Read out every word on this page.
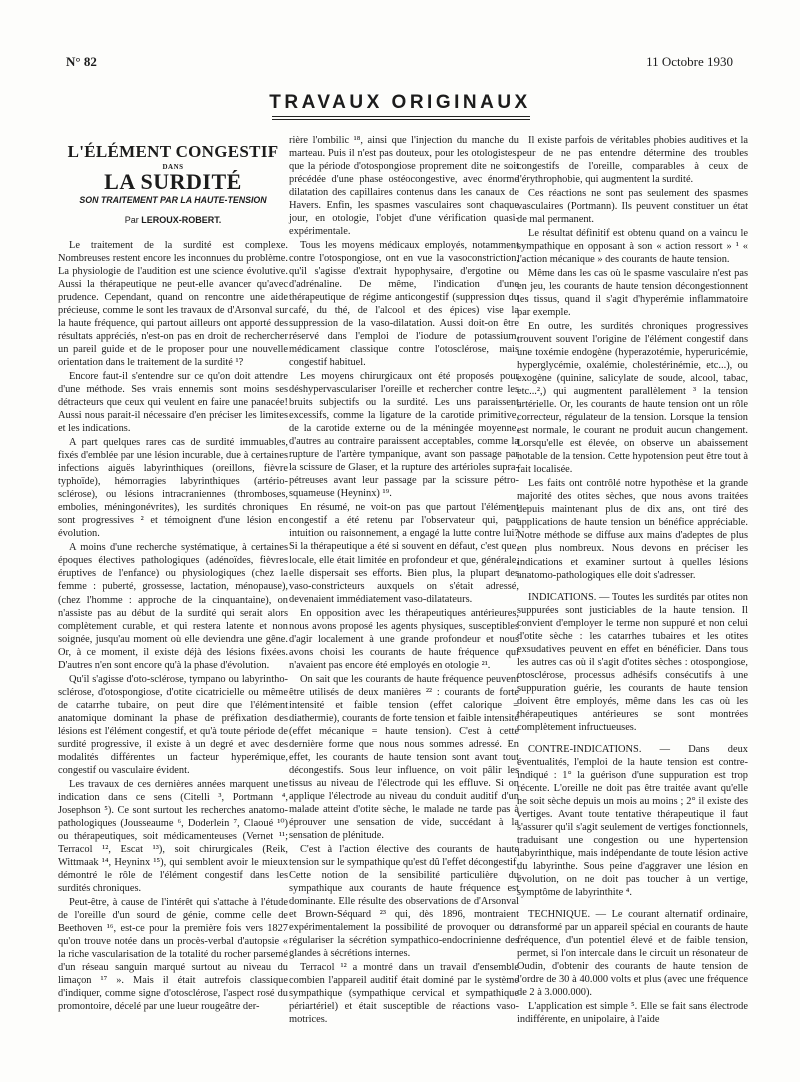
N° 82	11 Octobre 1930
TRAVAUX ORIGINAUX
L'ÉLÉMENT CONGESTIF
DANS
LA SURDITÉ
SON TRAITEMENT PAR LA HAUTE-TENSION
Par LEROUX-ROBERT.

Le traitement de la surdité est complexe. Nombreuses restent encore les inconnues du problème. La physiologie de l'audition est une science évolutive. Aussi la thérapeutique ne peut-elle avancer qu'avec prudence. Cependant, quand on rencontre une aide précieuse, comme le sont les travaux de d'Arsonval sur la haute fréquence, qui partout ailleurs ont apporté des résultats appréciés, n'est-on pas en droit de rechercher un pareil guide et de le proposer pour une nouvelle orientation dans le traitement de la surdité ¹?

Encore faut-il s'entendre sur ce qu'on doit attendre d'une méthode. Ses vrais ennemis sont moins ses détracteurs que ceux qui veulent en faire une panacée! Aussi nous parait-il nécessaire d'en préciser les limites et les indications.

A part quelques rares cas de surdité immuables, fixés d'emblée par une lésion incurable, due à certaines infections aiguës labyrinthiques (oreillons, fièvre typhoïde), hémorragies labyrinthiques (artério-sclérose), ou lésions intracraniennes (thromboses, embolies, méningonévrites), les surdités chroniques sont progressives ² et témoignent d'une lésion en évolution.

A moins d'une recherche systématique, à certaines époques électives pathologiques (adénoïdes, fièvres éruptives de l'enfance) ou physiologiques (chez la femme : puberté, grossesse, lactation, ménopause), (chez l'homme : approche de la cinquantaine), on n'assiste pas au début de la surdité qui serait alors complètement curable, et qui restera latente et non soignée, jusqu'au moment où elle deviendra une gêne. Or, à ce moment, il existe déjà des lésions fixées. D'autres n'en sont encore qu'à la phase d'évolution.

Qu'il s'agisse d'oto-sclérose, tympano ou labyrintho-sclérose, d'otospongiose, d'otite cicatricielle ou même de catarrhe tubaire, on peut dire que l'élément anatomique dominant la phase de préfixation des lésions est l'élément congestif, et qu'à toute période de surdité progressive, il existe à un degré et avec des modalités différentes un facteur hyperémique, congestif ou vasculaire évident.

Les travaux de ces dernières années marquent une indication dans ce sens (Citelli ³, Portmann ⁴, Josephson ⁵). Ce sont surtout les recherches anatomo-pathologiques (Jousseaume ⁶, Doderlein ⁷, Claoué ¹⁰) ou thérapeutiques, soit médicamenteuses (Vernet ¹¹; Terracol ¹², Escat ¹³), soit chirurgicales (Reik, Wittmaak ¹⁴, Heyninx ¹⁵), qui semblent avoir le mieux démontré le rôle de l'élément congestif dans les surdités chroniques.

Peut-être, à cause de l'intérêt qui s'attache à l'étude de l'oreille d'un sourd de génie, comme celle de Beethoven ¹⁶, est-ce pour la première fois vers 1827 qu'on trouve notée dans un procès-verbal d'autopsie « la riche vascularisation de la totalité du rocher parsemé d'un réseau sanguin marqué surtout au niveau du limaçon ¹⁷ ». Mais il était autrefois classique d'indiquer, comme signe d'otosclérose, l'aspect rosé du promontoire, décelé par une lueur rougeâtre der-

rière l'ombilic ¹⁸, ainsi que l'injection du manche du marteau. Puis il n'est pas douteux, pour les otologistes, que la période d'otospongiose proprement dite ne soit précédée d'une phase ostéocongestive, avec énorme dilatation des capillaires contenus dans les canaux de Havers. Enfin, les spasmes vasculaires sont chaque jour, en otologie, l'objet d'une vérification quasi-expérimentale.

Tous les moyens médicaux employés, notamment contre l'otospongiose, ont en vue la vasoconstriction, qu'il s'agisse d'extrait hypophysaire, d'ergotine ou d'adrénaline. De même, l'indication d'une thérapeutique de régime anticongestif (suppression du café, du thé, de l'alcool et des épices) vise la suppression de la vaso-dilatation. Aussi doit-on être réservé dans l'emploi de l'iodure de potassium, médicament classique contre l'otosclérose, mais congestif habituel.

Les moyens chirurgicaux ont été proposés pour déshypervasculariser l'oreille et rechercher contre les bruits subjectifs ou la surdité. Les uns paraissent excessifs, comme la ligature de la carotide primitive, de la carotide externe ou de la méningée moyenne, d'autres au contraire paraissent acceptables, comme la rupture de l'artère tympanique, avant son passage par la scissure de Glaser, et la rupture des artérioles supra-pétreuses avant leur passage par la scissure pétro-squameuse (Heyninx) ¹⁹.

En résumé, ne voit-on pas que partout l'élément congestif a été retenu par l'observateur qui, par intuition ou raisonnement, a engagé la lutte contre lui? Si la thérapeutique a été si souvent en défaut, c'est que, locale, elle était limitée en profondeur et que, générale, elle dispersait ses efforts. Bien plus, la plupart des vaso-constricteurs auxquels on s'était adressé, devenaient immédiatement vaso-dilatateurs.

En opposition avec les thérapeutiques antérieures, nous avons proposé les agents physiques, susceptibles d'agir localement à une grande profondeur et nous avons choisi les courants de haute fréquence qui n'avaient pas encore été employés en otologie ²¹.

On sait que les courants de haute fréquence peuvent être utilisés de deux manières ²² : courants de forte intensité et faible tension (effet calorique = diathermie), courants de forte tension et faible intensité (effet mécanique = haute tension). C'est à cette dernière forme que nous nous sommes adressé. En effet, les courants de haute tension sont avant tout décongestifs. Sous leur influence, on voit pâlir les tissus au niveau de l'électrode qui les effluve. Si on applique l'électrode au niveau du conduit auditif d'un malade atteint d'otite sèche, le malade ne tarde pas à éprouver une sensation de vide, succédant à la sensation de plénitude.

C'est à l'action élective des courants de haute tension sur le sympathique qu'est dû l'effet décongestif. Cette notion de la sensibilité particulière du sympathique aux courants de haute fréquence est dominante. Elle résulte des observations de d'Arsonval et Brown-Séquard ²³ qui, dès 1896, montraient expérimentalement la possibilité de provoquer ou de régulariser la sécrétion sympathico-endocrinienne des glandes à sécrétions internes.

Terracol ¹² a montré dans un travail d'ensemble combien l'appareil auditif était dominé par le système sympathique (sympathique cervical et sympathique périartériel) et était susceptible de réactions vaso-motrices.

Il existe parfois de véritables phobies auditives et la peur de ne pas entendre détermine des troubles congestifs de l'oreille, comparables à ceux de l'érythrophobie, qui augmentent la surdité.

Ces réactions ne sont pas seulement des spasmes vasculaires (Portmann). Ils peuvent constituer un état de mal permanent.

Le résultat définitif est obtenu quand on a vaincu le sympathique en opposant à son « action ressort » ¹ « l'action mécanique » des courants de haute tension.

Même dans les cas où le spasme vasculaire n'est pas en jeu, les courants de haute tension décongestionnent les tissus, quand il s'agit d'hyperémie inflammatoire par exemple.

En outre, les surdités chroniques progressives trouvent souvent l'origine de l'élément congestif dans une toxémie endogène (hyperazotémie, hyperuricémie, hyperglycémie, oxalémie, cholestérinémie, etc...), ou exogène (quinine, salicylate de soude, alcool, tabac, etc...²,) qui augmentent parallèlement ³ la tension artérielle. Or, les courants de haute tension ont un rôle correcteur, régulateur de la tension. Lorsque la tension est normale, le courant ne produit aucun changement. Lorsqu'elle est élevée, on observe un abaissement notable de la tension. Cette hypotension peut être tout à fait localisée.

Les faits ont contrôlé notre hypothèse et la grande majorité des otites sèches, que nous avons traitées depuis maintenant plus de dix ans, ont tiré des applications de haute tension un bénéfice appréciable. Notre méthode se diffuse aux mains d'adeptes de plus en plus nombreux. Nous devons en préciser les indications et examiner surtout à quelles lésions anatomo-pathologiques elle doit s'adresser.

INDICATIONS. — Toutes les surdités par otites non suppurées sont justiciables de la haute tension. Il convient d'employer le terme non suppuré et non celui d'otite sèche : les catarrhes tubaires et les otites exsudatives peuvent en effet en bénéficier. Dans tous les autres cas où il s'agit d'otites sèches : otospongiose, otosclérose, processus adhésifs consécutifs à une suppuration guérie, les courants de haute tension doivent être employés, même dans les cas où les thérapeutiques antérieures se sont montrées complètement infructueuses.

CONTRE-INDICATIONS. — Dans deux éventualités, l'emploi de la haute tension est contre-indiqué : 1° la guérison d'une suppuration est trop récente. L'oreille ne doit pas être traitée avant qu'elle ne soit sèche depuis un mois au moins ; 2° il existe des vertiges. Avant toute tentative thérapeutique il faut s'assurer qu'il s'agit seulement de vertiges fonctionnels, traduisant une congestion ou une hypertension labyrinthique, mais indépendante de toute lésion active du labyrinthe. Sous peine d'aggraver une lésion en évolution, on ne doit pas toucher à un vertige, symptôme de labyrinthite ⁴.

TECHNIQUE. — Le courant alternatif ordinaire, transformé par un appareil spécial en courants de haute fréquence, d'un potentiel élevé et de faible tension, permet, si l'on intercale dans le circuit un résonateur de Oudin, d'obtenir des courants de haute tension de l'ordre de 30 à 40.000 volts et plus (avec une fréquence de 2 à 3.000.000).

L'application est simple ⁵. Elle se fait sans électrode indifférente, en unipolaire, à l'aide
